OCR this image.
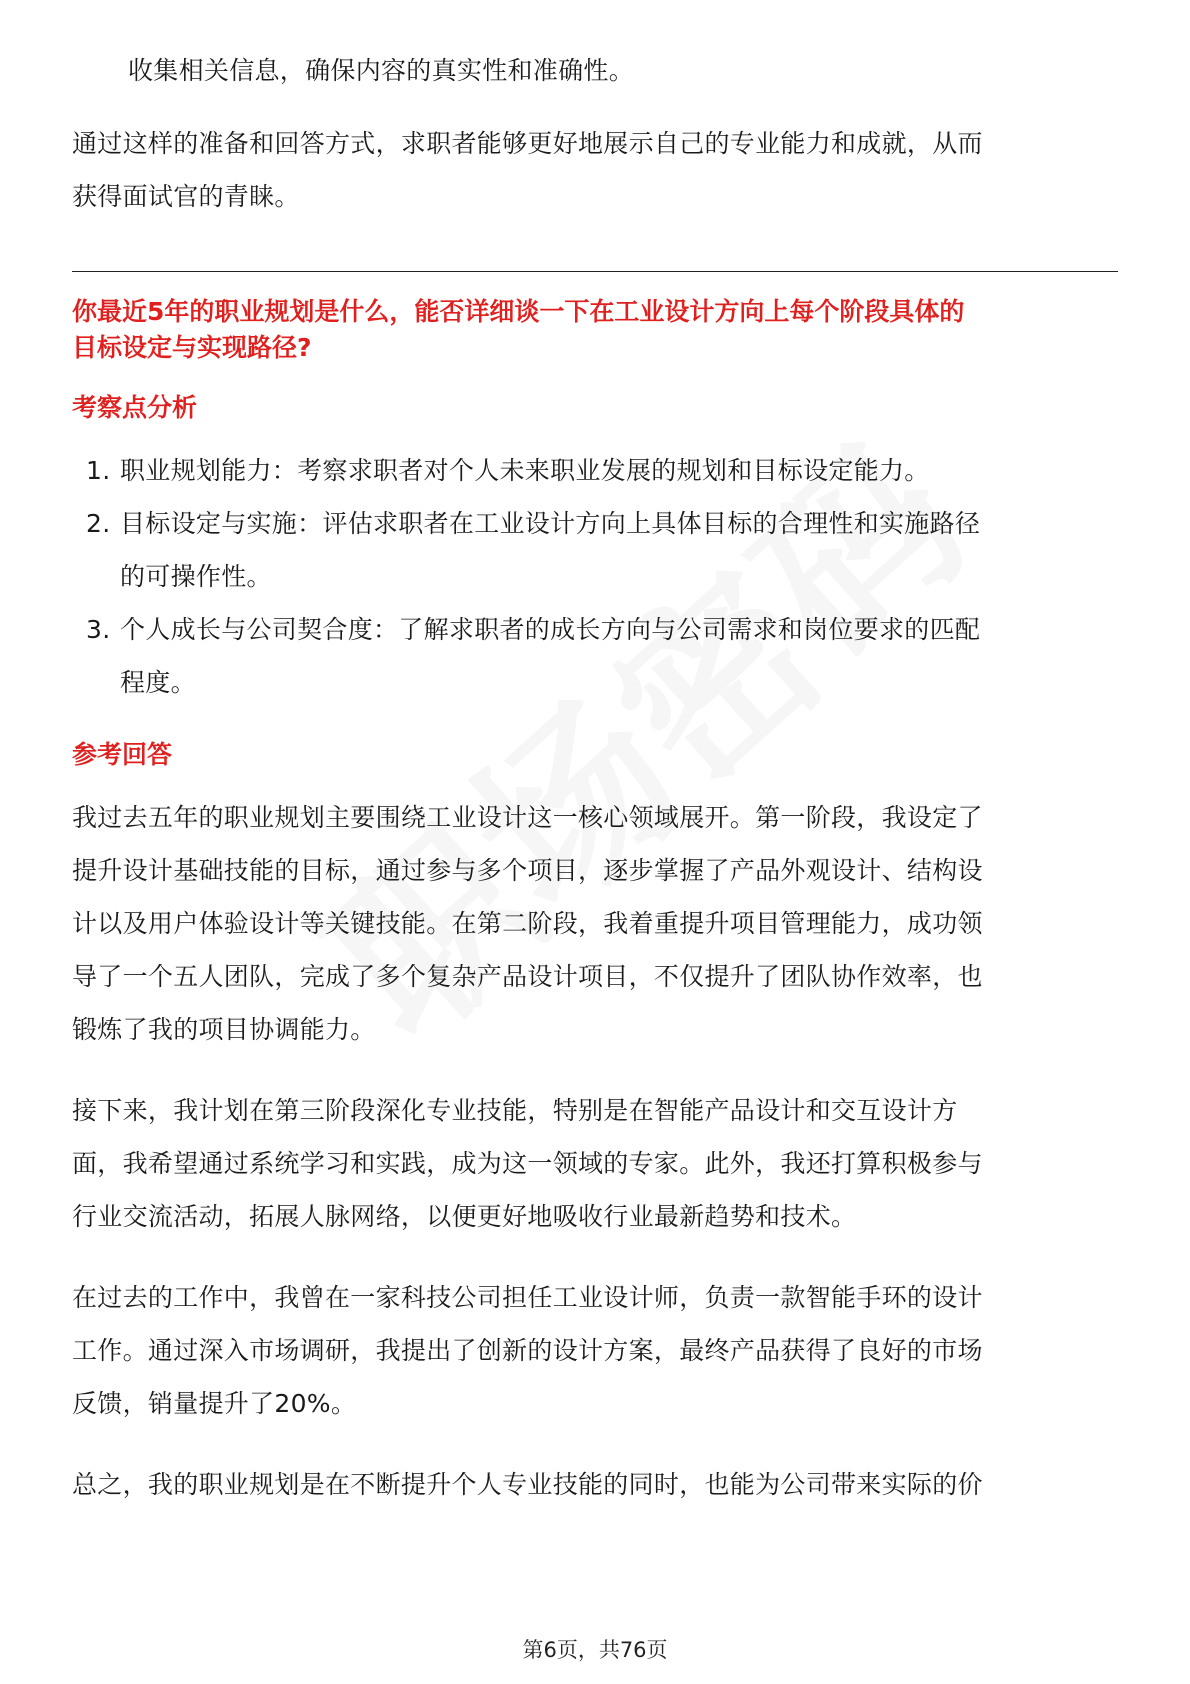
收集相关信息，确保内容的真实性和准确性。

通过这样的准备和回答方式，求职者能够更好地展示自己的专业能力和成就，从而

获得面试官的青睐。

你最近5年的职业规划是什么，能否详细谈一下在工业设计方向上每个阶段具体的

目标设定与实现路径?

考察点分析

1. 职业规划能力：考察求职者对个人未来职业发展的规划和目标设定能力。
2. 目标设定与实施：评估求职者在工业设计方向上具体目标的合理性和实施路径
的可操作性。
3. 个人成长与公司契合度：了解求职者的成长方向与公司需求和岗位要求的匹配
程度。

参考回答

我过去五年的职业规划主要围绕工业设计这一核心领域展开。第一阶段，我设定了

提升设计基础技能的目标，通过参与多个项目，逐步掌握了产品外观设计、结构设

计以及用户体验设计等关键技能。在第二阶段，我着重提升项目管理能力，成功领

导了一个五人团队，完成了多个复杂产品设计项目，不仅提升了团队协作效率，也

锻炼了我的项目协调能力。

接下来，我计划在第三阶段深化专业技能，特别是在智能产品设计和交互设计方

面，我希望通过系统学习和实践，成为这一领域的专家。此外，我还打算积极参与

行业交流活动，拓展人脉网络，以便更好地吸收行业最新趋势和技术。

在过去的工作中，我曾在一家科技公司担任工业设计师，负责一款智能手环的设计

工作。通过深入市场调研，我提出了创新的设计方案，最终产品获得了良好的市场

反馈，销量提升了20%。

总之，我的职业规划是在不断提升个人专业技能的同时，也能为公司带来实际的价

第6页，共76页
